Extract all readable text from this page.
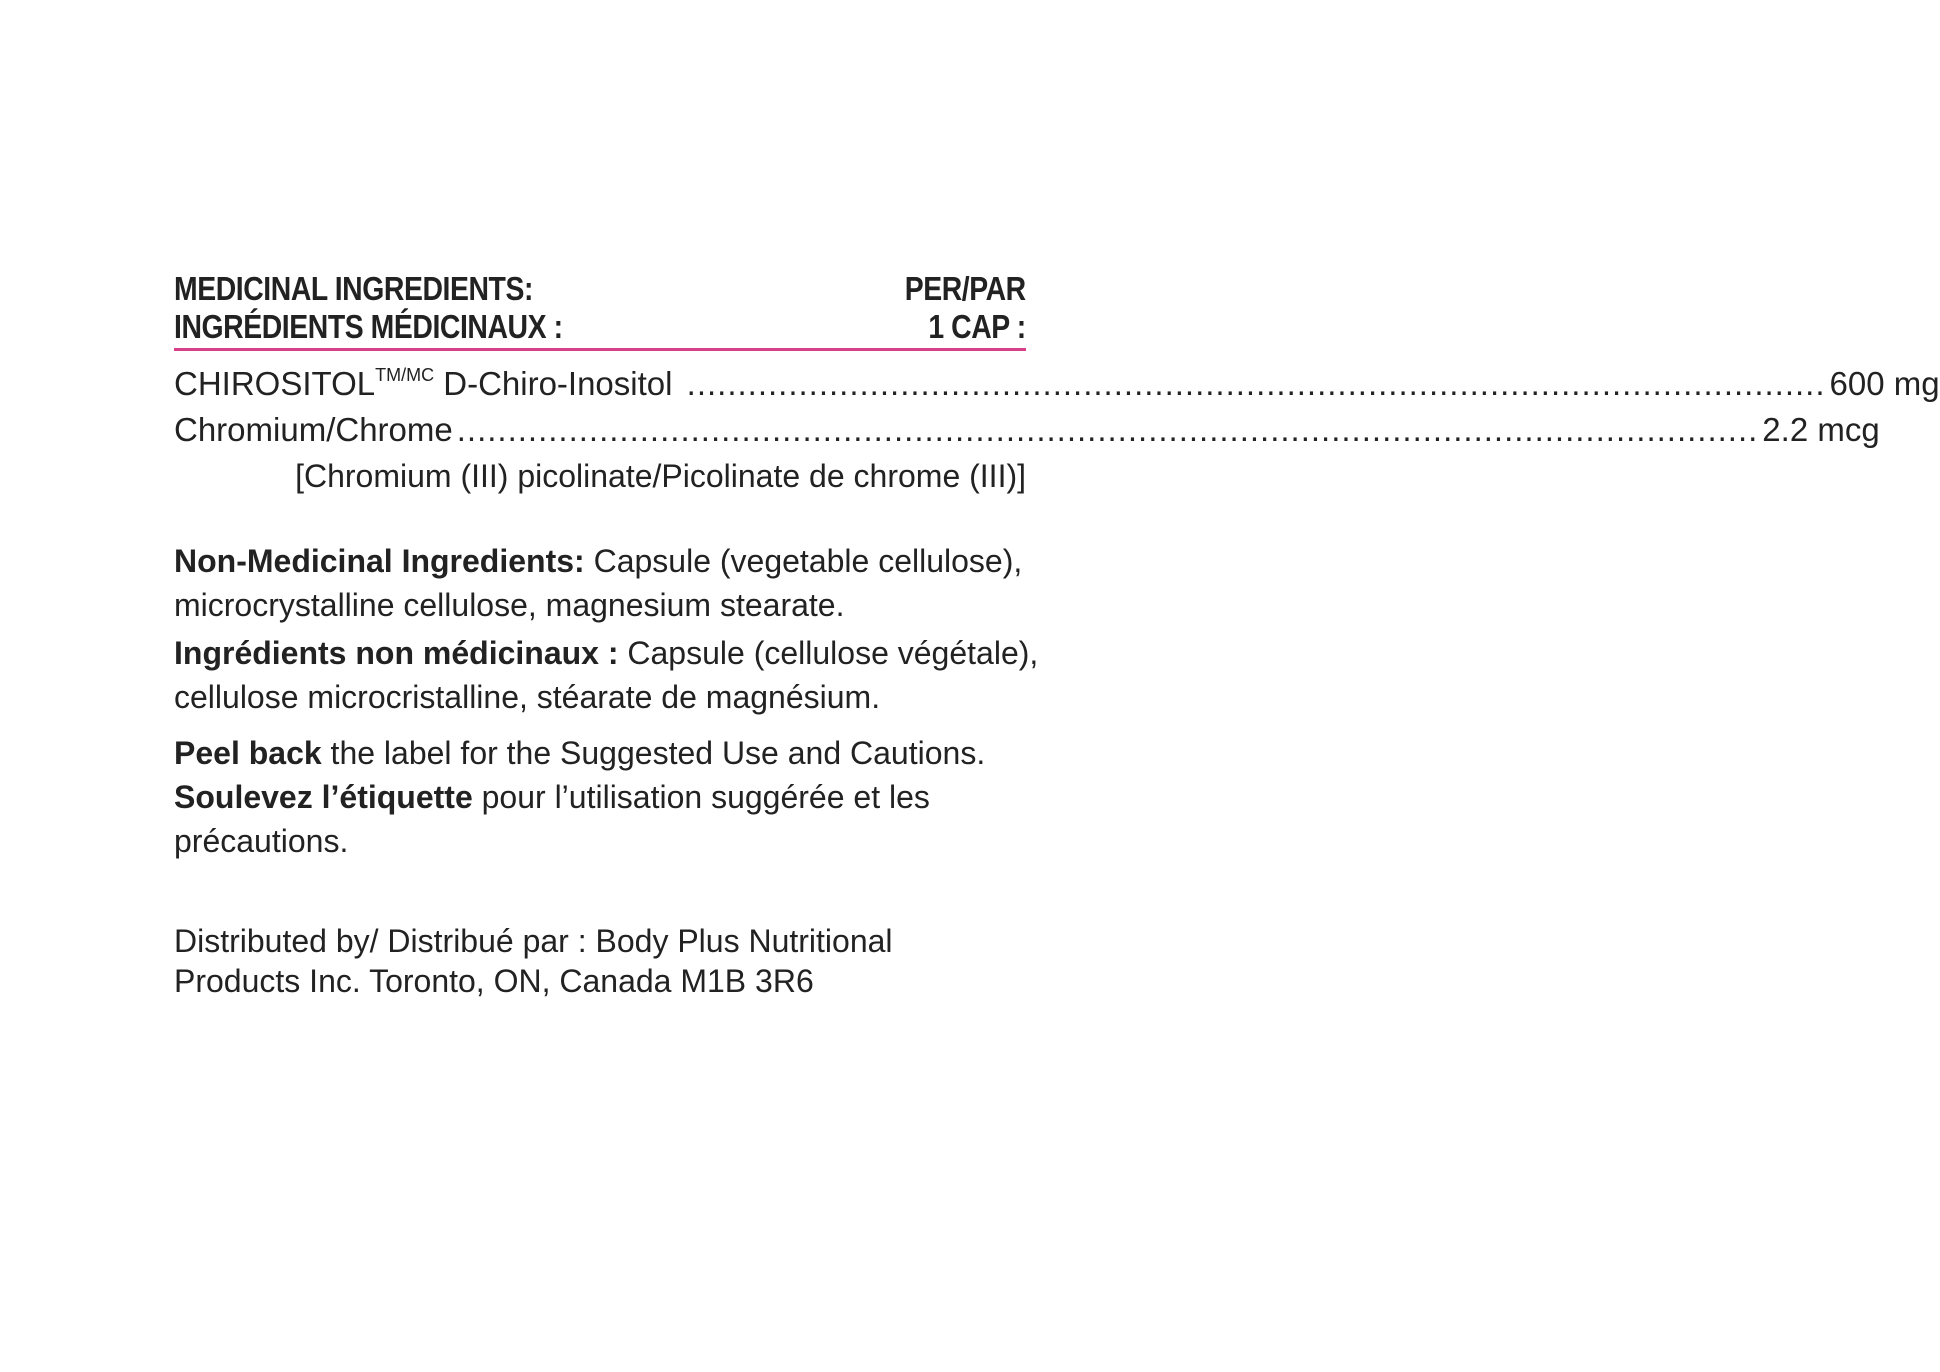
MEDICINAL INGREDIENTS:
INGRÉDIENTS MÉDICINAUX :
PER/PAR
1 CAP :
$CHIROSITOL^{TM/MC}$ D-Chiro-Inositol ................................................................................................................ 600 mg
Chromium/Chrome ................................................................................................................................ 2.2 mcg
[Chromium (III) picolinate/Picolinate de chrome (III)]
Non-Medicinal Ingredients: Capsule (vegetable cellulose), microcrystalline cellulose, magnesium stearate.
Ingrédients non médicinaux : Capsule (cellulose végétale), cellulose microcristalline, stéarate de magnésium.
Peel back the label for the Suggested Use and Cautions.
Soulevez l’étiquette pour l’utilisation suggérée et les précautions.
Distributed by/ Distribué par : Body Plus Nutritional
Products Inc. Toronto, ON, Canada M1B 3R6
